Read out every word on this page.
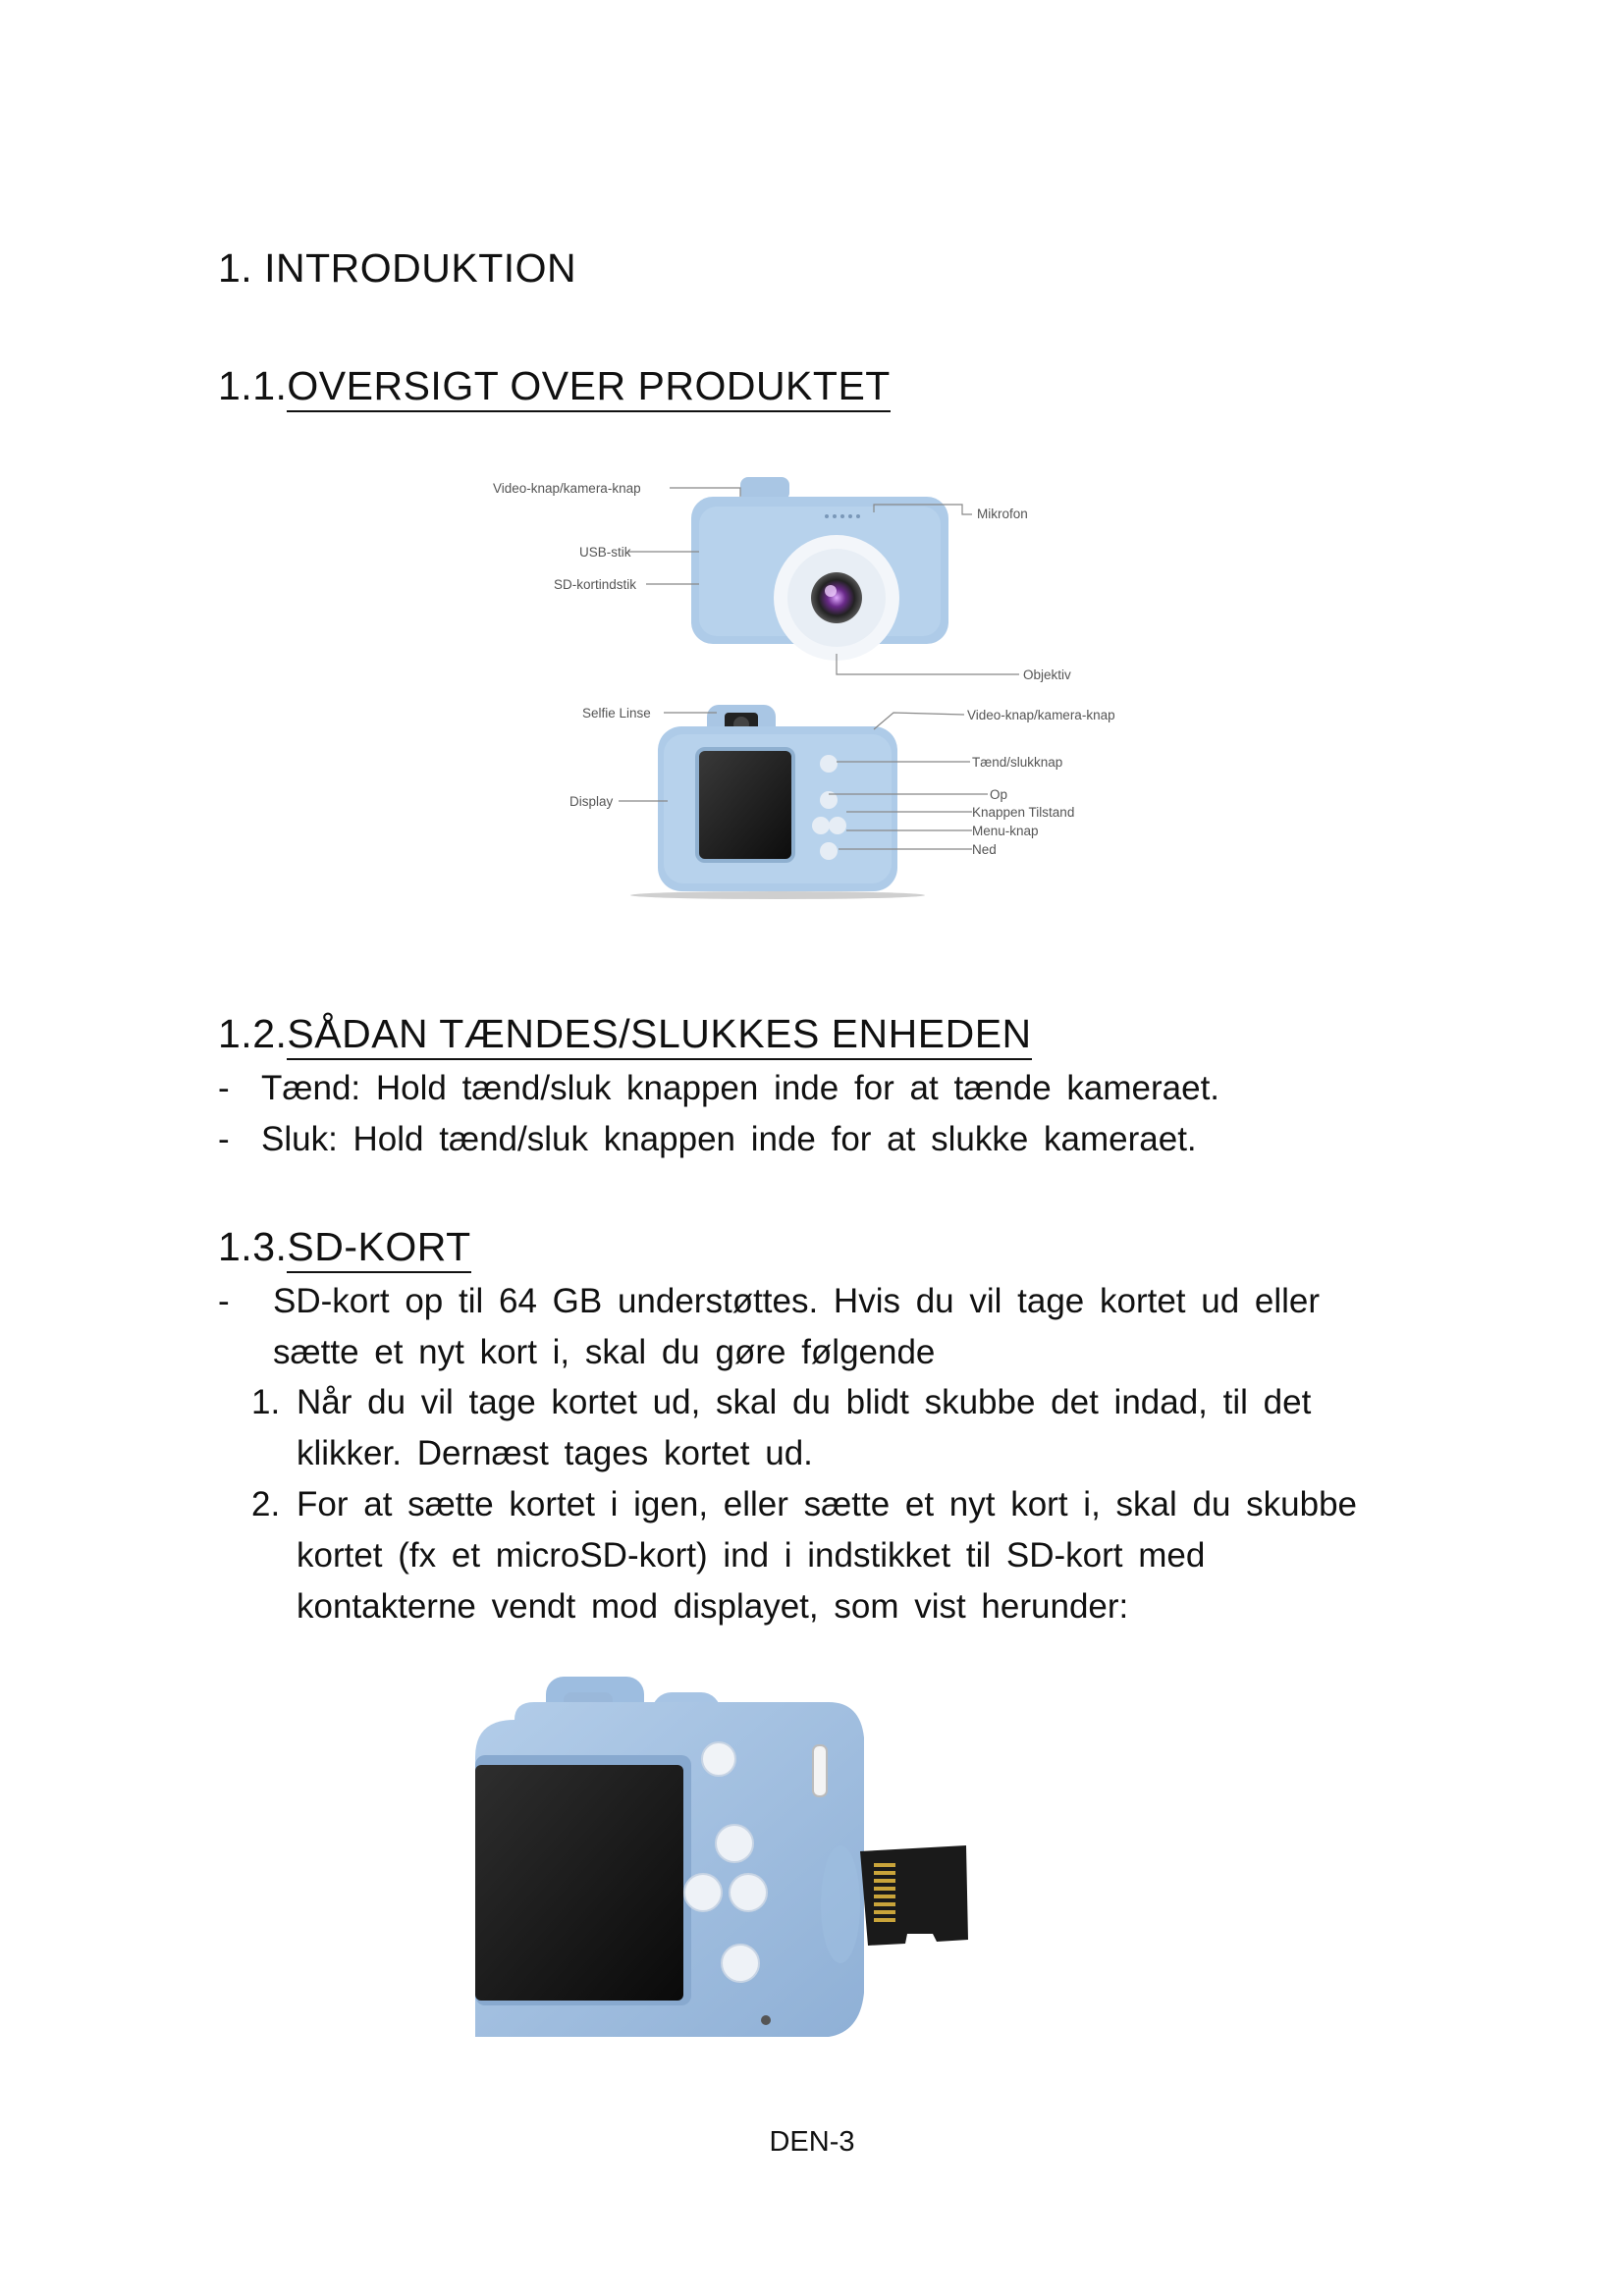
1. INTRODUKTION
1.1.OVERSIGT OVER PRODUKTET
Video-knap/kamera-knap
Mikrofon
USB-stik
SD-kortindstik
Objektiv
Selfie Linse	Video-knap/kamera-knap
Tænd/slukknap
Display	Op
Knappen Tilstand
Menu-knap
Ned
1.2.SÅDAN TÆNDES/SLUKKES ENHEDEN
- Tænd: Hold tænd/sluk knappen inde for at tænde kameraet.
- Sluk: Hold tænd/sluk knappen inde for at slukke kameraet.
1.3.SD-KORT
- SD-kort op til 64 GB understøttes. Hvis du vil tage kortet ud eller
sætte et nyt kort i, skal du gøre følgende
1. Når du vil tage kortet ud, skal du blidt skubbe det indad, til det
klikker. Dernæst tages kortet ud.
2. For at sætte kortet i igen, eller sætte et nyt kort i, skal du skubbe
kortet (fx et microSD-kort) ind i indstikket til SD-kort med
kontakterne vendt mod displayet, som vist herunder:
DEN-3
